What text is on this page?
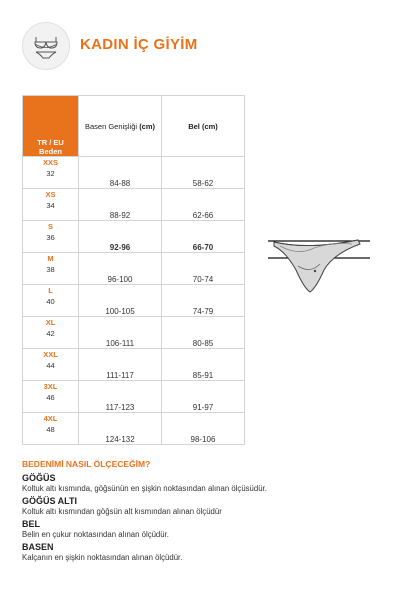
KADIN İÇ GİYİM
TR / EU
Beden	Basen Genişliği (cm)	Bel (cm)

XXS
32	84-88	58-62

XS
34	88-92	62-66

S
36	92-96	66-70

M
38	96-100	70-74

L
40	100-105	74-79

XL
42	106-111	80-85

XXL
44	111-117	85-91

3XL
46	117-123	91-97

4XL
48	124-132	98-106
BEDENİMİ NASIL ÖLÇECEĞİM?
GÖĞÜS
Koltuk altı kısmında, göğsünün en şişkin noktasından alınan ölçüsüdür.
GÖĞÜS ALTI
Koltuk altı kısmından göğsün alt kısmından alınan ölçüdür
BEL
Belin en çukur noktasından alınan ölçüdür.
BASEN
Kalçanın en şişkin noktasından alınan ölçüdür.
